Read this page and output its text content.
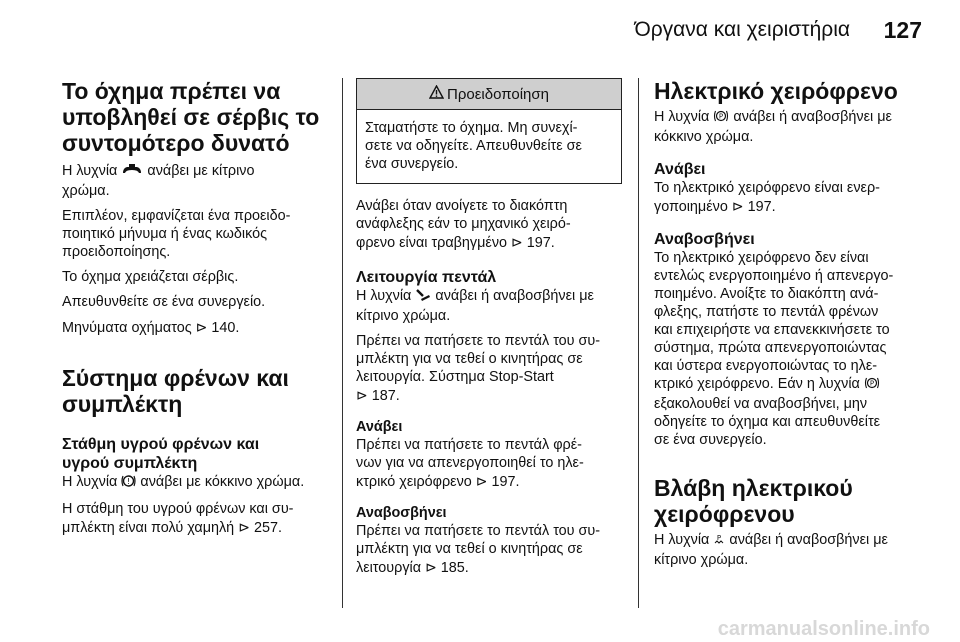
Όργανα και χειριστήρια 127
Το όχημα πρέπει να
υποβληθεί σε σέρβις το
συντομότερο δυνατό

Η λυχνία ανάβει με κίτρινο
χρώμα.

Επιπλέον, εμφανίζεται ένα προειδο-
ποιητικό μήνυμα ή ένας κωδικός
προειδοποίησης.

Το όχημα χρειάζεται σέρβις.

Απευθυνθείτε σε ένα συνεργείο.

Μηνύματα οχήματος ⊳ 140.

Σύστημα φρένων και
συμπλέκτη
Στάθμη υγρού φρένων και
υγρού συμπλέκτη

Η λυχνία ! ανάβει με κόκκινο χρώμα.

Η στάθμη του υγρού φρένων και συ-
μπλέκτη είναι πολύ χαμηλή ⊳ 257.

Προειδοποίηση

Σταματήστε το όχημα. Μη συνεχί-
σετε να οδηγείτε. Απευθυνθείτε σε
ένα συνεργείο.

Ανάβει όταν ανοίγετε το διακόπτη
ανάφλεξης εάν το μηχανικό χειρό-
φρενο είναι τραβηγμένο ⊳ 197.

Λειτουργία πεντάλ

Η λυχνία ανάβει ή αναβοσβήνει με
κίτρινο χρώμα.

Πρέπει να πατήσετε το πεντάλ του συ-
μπλέκτη για να τεθεί ο κινητήρας σε
λειτουργία. Σύστημα Stop-Start

⊳ 187.

Ανάβει

Πρέπει να πατήσετε το πεντάλ φρέ-
νων για να απενεργοποιηθεί το ηλε-
κτρικό χειρόφρενο ⊳ 197.

Αναβοσβήνει

Πρέπει να πατήσετε το πεντάλ του συ-
μπλέκτη για να τεθεί ο κινητήρας σε
λειτουργία ⊳ 185.

Ηλεκτρικό χειρόφρενο

Η λυχνία P ανάβει ή αναβοσβήνει με
κόκκινο χρώμα.

Ανάβει

Το ηλεκτρικό χειρόφρενο είναι ενερ-
γοποιημένο ⊳ 197.

Αναβοσβήνει

Το ηλεκτρικό χειρόφρενο δεν είναι
εντελώς ενεργοποιημένο ή απενεργο-
ποιημένο. Ανοίξτε το διακόπτη ανά-
φλεξης, πατήστε το πεντάλ φρένων
και επιχειρήστε να επανεκκινήσετε το
σύστημα, πρώτα απενεργοποιώντας
και ύστερα ενεργοποιώντας το ηλε-
κτρικό χειρόφρενο. Εάν η λυχνία P

εξακολουθεί να αναβοσβήνει, μην
οδηγείτε το όχημα και απευθυνθείτε
σε ένα συνεργείο.

Βλάβη ηλεκτρικού
χειρόφρενου

Η λυχνία P ανάβει ή αναβοσβήνει με
κίτρινο χρώμα.

carmanualsonline.info
